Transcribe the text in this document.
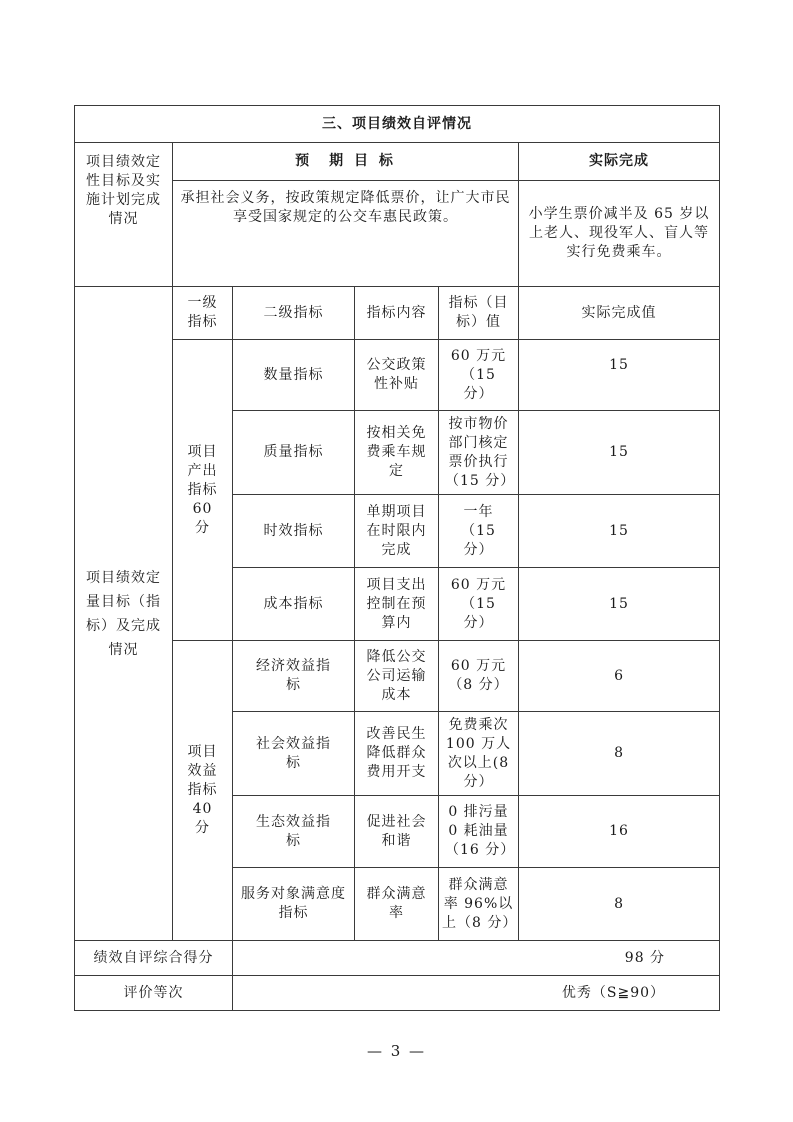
三、项目绩效自评情况					
项目绩效定性目标及实施计划完成情况	预　期 目 标				实际完成
	承担社会义务，按政策规定降低票价，让广大市民享受国家规定的公交车惠民政策。				小学生票价减半及 65 岁以上老人、现役军人、盲人等实行免费乘车。
项目绩效定量目标（指标）及完成情况	一级指标	二级指标	指标内容	指标（目标）值	实际完成值
	项目产出指标60 分	数量指标	公交政策性补贴	60 万元（15 分）	15
		质量指标	按相关免费乘车规定	按市物价部门核定票价执行（15 分）	15
		时效指标	单期项目在时限内完成	一年（15 分）	15
		成本指标	项目支出控制在预算内	60 万元（15 分）	15
	项目效益指标40 分	经济效益指标	降低公交公司运输成本	60 万元（8 分）	6
		社会效益指标	改善民生降低群众费用开支	免费乘次100 万人次以上(8 分）	8
		生态效益指标	促进社会和谐	0 排污量0 耗油量（16 分）	16
		服务对象满意度指标	群众满意率	群众满意率 96%以上（8 分）	8
绩效自评综合得分		98 分			
评价等次		优秀（S≧90）			
— 3 —
